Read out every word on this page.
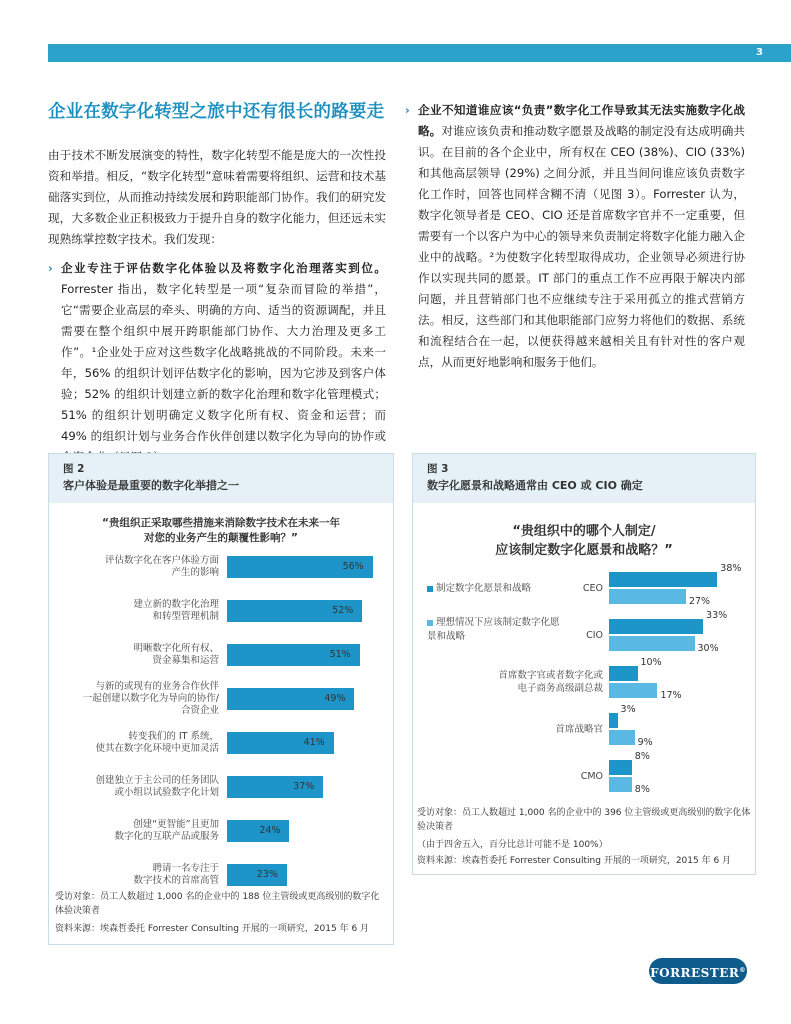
3
企业在数字化转型之旅中还有很长的路要走

由于技术不断发展演变的特性，数字化转型不能是庞大的一次性投资和举措。相反，“数字化转型”意味着需要将组织、运营和技术基础落实到位，从而推动持续发展和跨职能部门协作。我们的研究发现，大多数企业正积极致力于提升自身的数字化能力，但还远未实现熟练掌控数字技术。我们发现：

› 企业专注于评估数字化体验以及将数字化治理落实到位。Forrester 指出，数字化转型是一项“复杂而冒险的举措”，它“需要企业高层的牵头、明确的方向、适当的资源调配，并且需要在整个组织中展开跨职能部门协作、大力治理及更多工作”。¹企业处于应对这些数字化战略挑战的不同阶段。未来一年，56% 的组织计划评估数字化的影响，因为它涉及到客户体验；52% 的组织计划建立新的数字化治理和数字化管理模式；51% 的组织计划明确定义数字化所有权、资金和运营；而 49% 的组织计划与业务合作伙伴创建以数字化为导向的协作或
› 企业不知道谁应该“负责”数字化工作导致其无法实施数字化战略。对谁应该负责和推动数字愿景及战略的制定没有达成明确共识。在目前的各个企业中，所有权在 CEO (38%)、CIO (33%) 和其他高层领导 (29%) 之间分派，并且当间问谁应该负责数字化工作时，回答也同样含糊不清（见图 3）。Forrester 认为，数字化领导者是 CEO、CIO 还是首席数字官并不一定重要，但需要有一个以客户为中心的领导来负责制定将数字化能力融入企业中的战略。²为使数字化转型取得成功，企业领导必须进行协作以实现共同的愿景。IT 部门的重点工作不应再限于解决内部问题，并且营销部门也不应继续专注于采用孤立的推式营销方法。相反，这些部门和其他职能部门应努力将他们的数据、系统和流程结合在一起，以便获得越来越相关且有针对性的客户观点，从而更好地影响和服务于他们。
图 2
客户体验是最重要的数字化举措之一
“贵组织正采取哪些措施来消除数字技术在未来一年
对您的业务产生的颠覆性影响？”
评估数字化在客户体验方面
产生的影响
56%
建立新的数字化治理
和转型管理机制
52%
明晰数字化所有权、
资金募集和运营
51%
与新的或现有的业务合作伙伴
一起创建以数字化为导向的协作/
合资企业
49%
转变我们的 IT 系统，
使其在数字化环境中更加灵活
41%
创建独立于主公司的任务团队
或小组以试验数字化计划
37%
创建“更智能”且更加
数字化的互联产品或服务
24%
聘请一名专注于
数字技术的首席高管
23%
受访对象：员工人数超过 1,000 名的企业中的 188 位主管级或更高级别的数字化体验决策者
资料来源：埃森哲委托 Forrester Consulting 开展的一项研究，2015 年 6 月
图 3
数字化愿景和战略通常由 CEO 或 CIO 确定
“贵组织中的哪个人制定/
应该制定数字化愿景和战略？”
制定数字化愿景和战略
理想情况下应该制定数字化愿景和战略
CEO
38%
27%
CIO
33%
30%
首席数字官或者数字化或
电子商务高级副总裁
10%
17%
首席战略官
3%
9%
CMO
8%
8%
受访对象：员工人数超过 1,000 名的企业中的 396 位主管级或更高级别的数字化体验决策者
（由于四舍五入，百分比总计可能不是 100%）
资料来源：埃森哲委托 Forrester Consulting 开展的一项研究，2015 年 6 月
FORRESTER®
